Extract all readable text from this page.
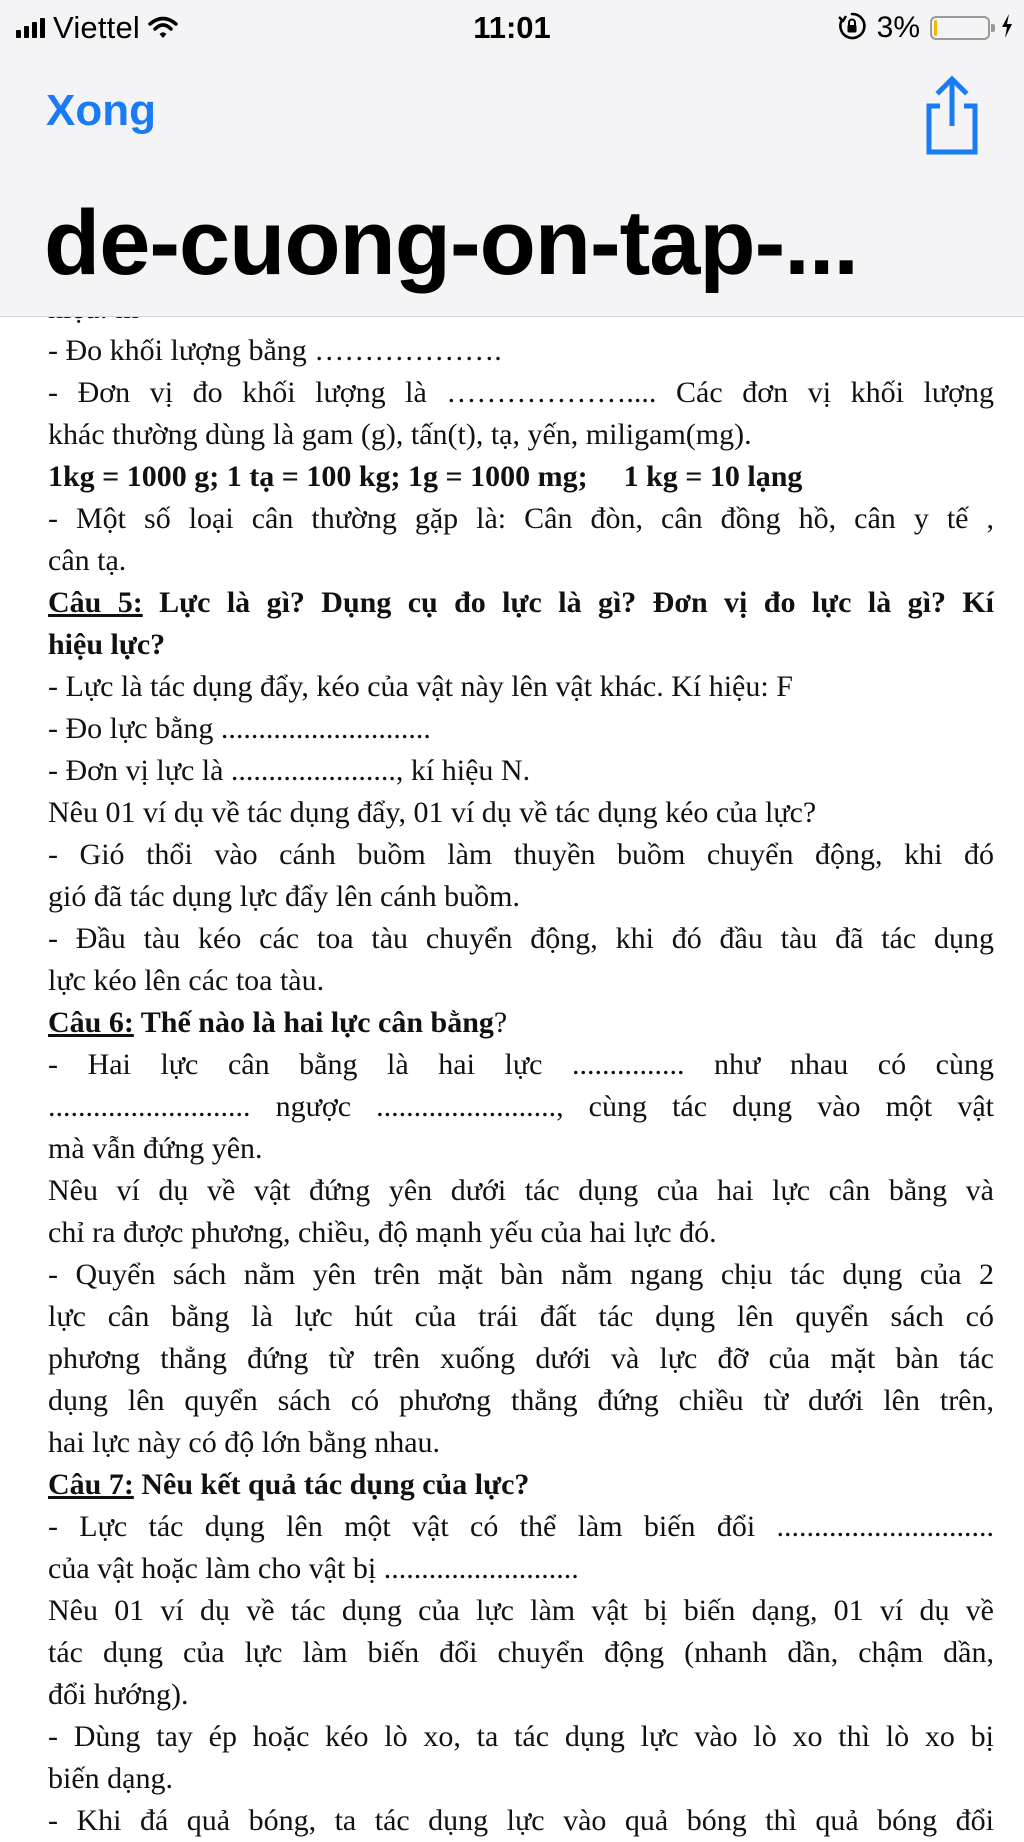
Viettel	11:01	3%
Xong
de-cuong-on-tap-...
- Đo khối lượng bằng ……………….
- Đơn vị đo khối lượng là ……………….... Các đơn vị khối lượng
khác thường dùng là gam (g), tấn(t), tạ, yến, miligam(mg).
1kg = 1000 g; 1 tạ = 100 kg; 1g = 1000 mg; 1 kg = 10 lạng
- Một số loại cân thường gặp là: Cân đòn, cân đồng hồ, cân y tế ,
cân tạ.
Câu 5: Lực là gì? Dụng cụ đo lực là gì? Đơn vị đo lực là gì? Kí
hiệu lực?
- Lực là tác dụng đẩy, kéo của vật này lên vật khác. Kí hiệu: F
- Đo lực bằng ............................
- Đơn vị lực là ......................, kí hiệu N.
Nêu 01 ví dụ về tác dụng đẩy, 01 ví dụ về tác dụng kéo của lực?
- Gió thổi vào cánh buồm làm thuyền buồm chuyển động, khi đó
gió đã tác dụng lực đẩy lên cánh buồm.
- Đầu tàu kéo các toa tàu chuyển động, khi đó đầu tàu đã tác dụng
lực kéo lên các toa tàu.
Câu 6: Thế nào là hai lực cân bằng?
- Hai lực cân bằng là hai lực ............... như nhau có cùng
........................... ngược ........................, cùng tác dụng vào một vật
mà vẫn đứng yên.
Nêu ví dụ về vật đứng yên dưới tác dụng của hai lực cân bằng và
chỉ ra được phương, chiều, độ mạnh yếu của hai lực đó.
- Quyển sách nằm yên trên mặt bàn nằm ngang chịu tác dụng của 2
lực cân bằng là lực hút của trái đất tác dụng lên quyển sách có
phương thẳng đứng từ trên xuống dưới và lực đỡ của mặt bàn tác
dụng lên quyển sách có phương thẳng đứng chiều từ dưới lên trên,
hai lực này có độ lớn bằng nhau.
Câu 7: Nêu kết quả tác dụng của lực?
- Lực tác dụng lên một vật có thể làm biến đổi .............................
của vật hoặc làm cho vật bị ..........................
Nêu 01 ví dụ về tác dụng của lực làm vật bị biến dạng, 01 ví dụ về
tác dụng của lực làm biến đổi chuyển động (nhanh dần, chậm dần,
đổi hướng).
- Dùng tay ép hoặc kéo lò xo, ta tác dụng lực vào lò xo thì lò xo bị
biến dạng.
- Khi đá quả bóng, ta tác dụng lực vào quả bóng thì quả bóng đổi
